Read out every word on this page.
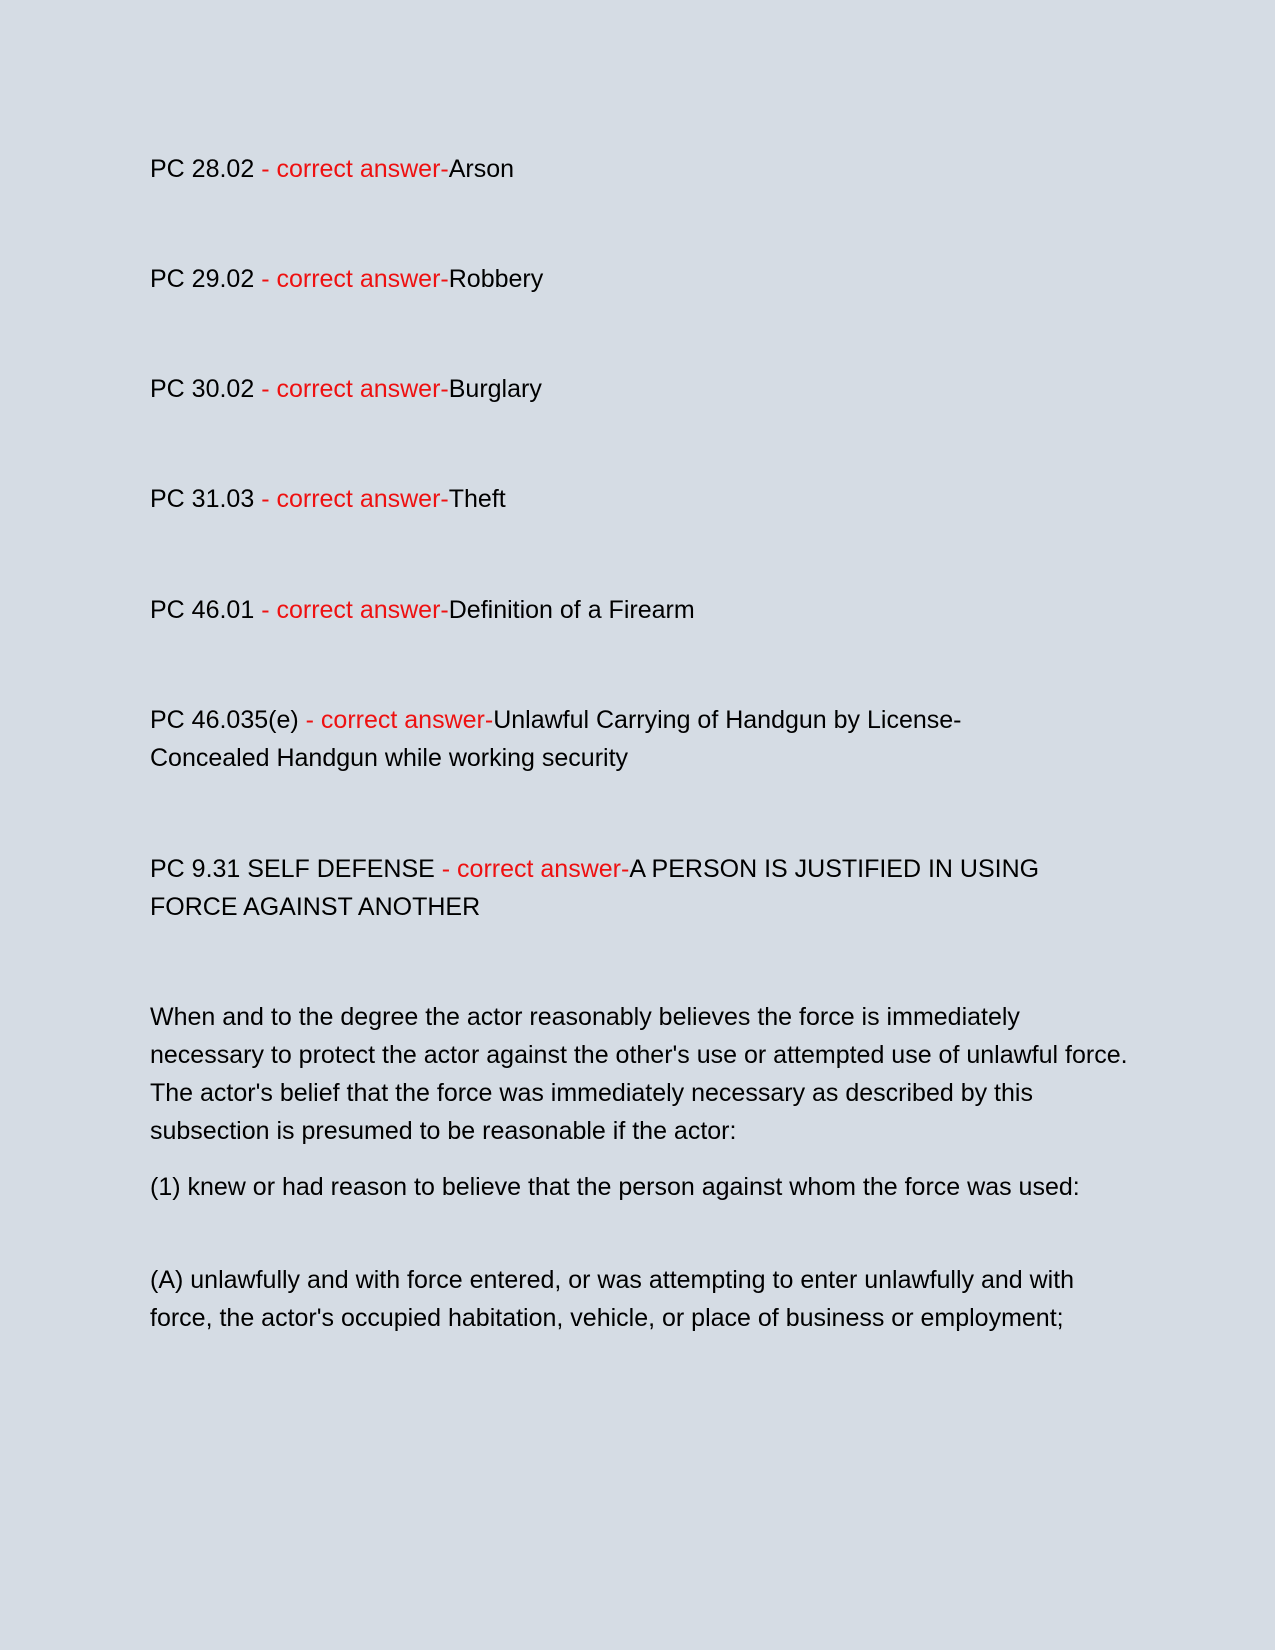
PC 28.02 - correct answer-Arson

PC 29.02 - correct answer-Robbery

PC 30.02 - correct answer-Burglary

PC 31.03 - correct answer-Theft

PC 46.01 - correct answer-Definition of a Firearm

PC 46.035(e) - correct answer-Unlawful Carrying of Handgun by License-Concealed Handgun while working security

PC 9.31 SELF DEFENSE - correct answer-A PERSON IS JUSTIFIED IN USING FORCE AGAINST ANOTHER

When and to the degree the actor reasonably believes the force is immediately necessary to protect the actor against the other's use or attempted use of unlawful force. The actor's belief that the force was immediately necessary as described by this subsection is presumed to be reasonable if the actor:

(1) knew or had reason to believe that the person against whom the force was used:

(A) unlawfully and with force entered, or was attempting to enter unlawfully and with force, the actor's occupied habitation, vehicle, or place of business or employment;
